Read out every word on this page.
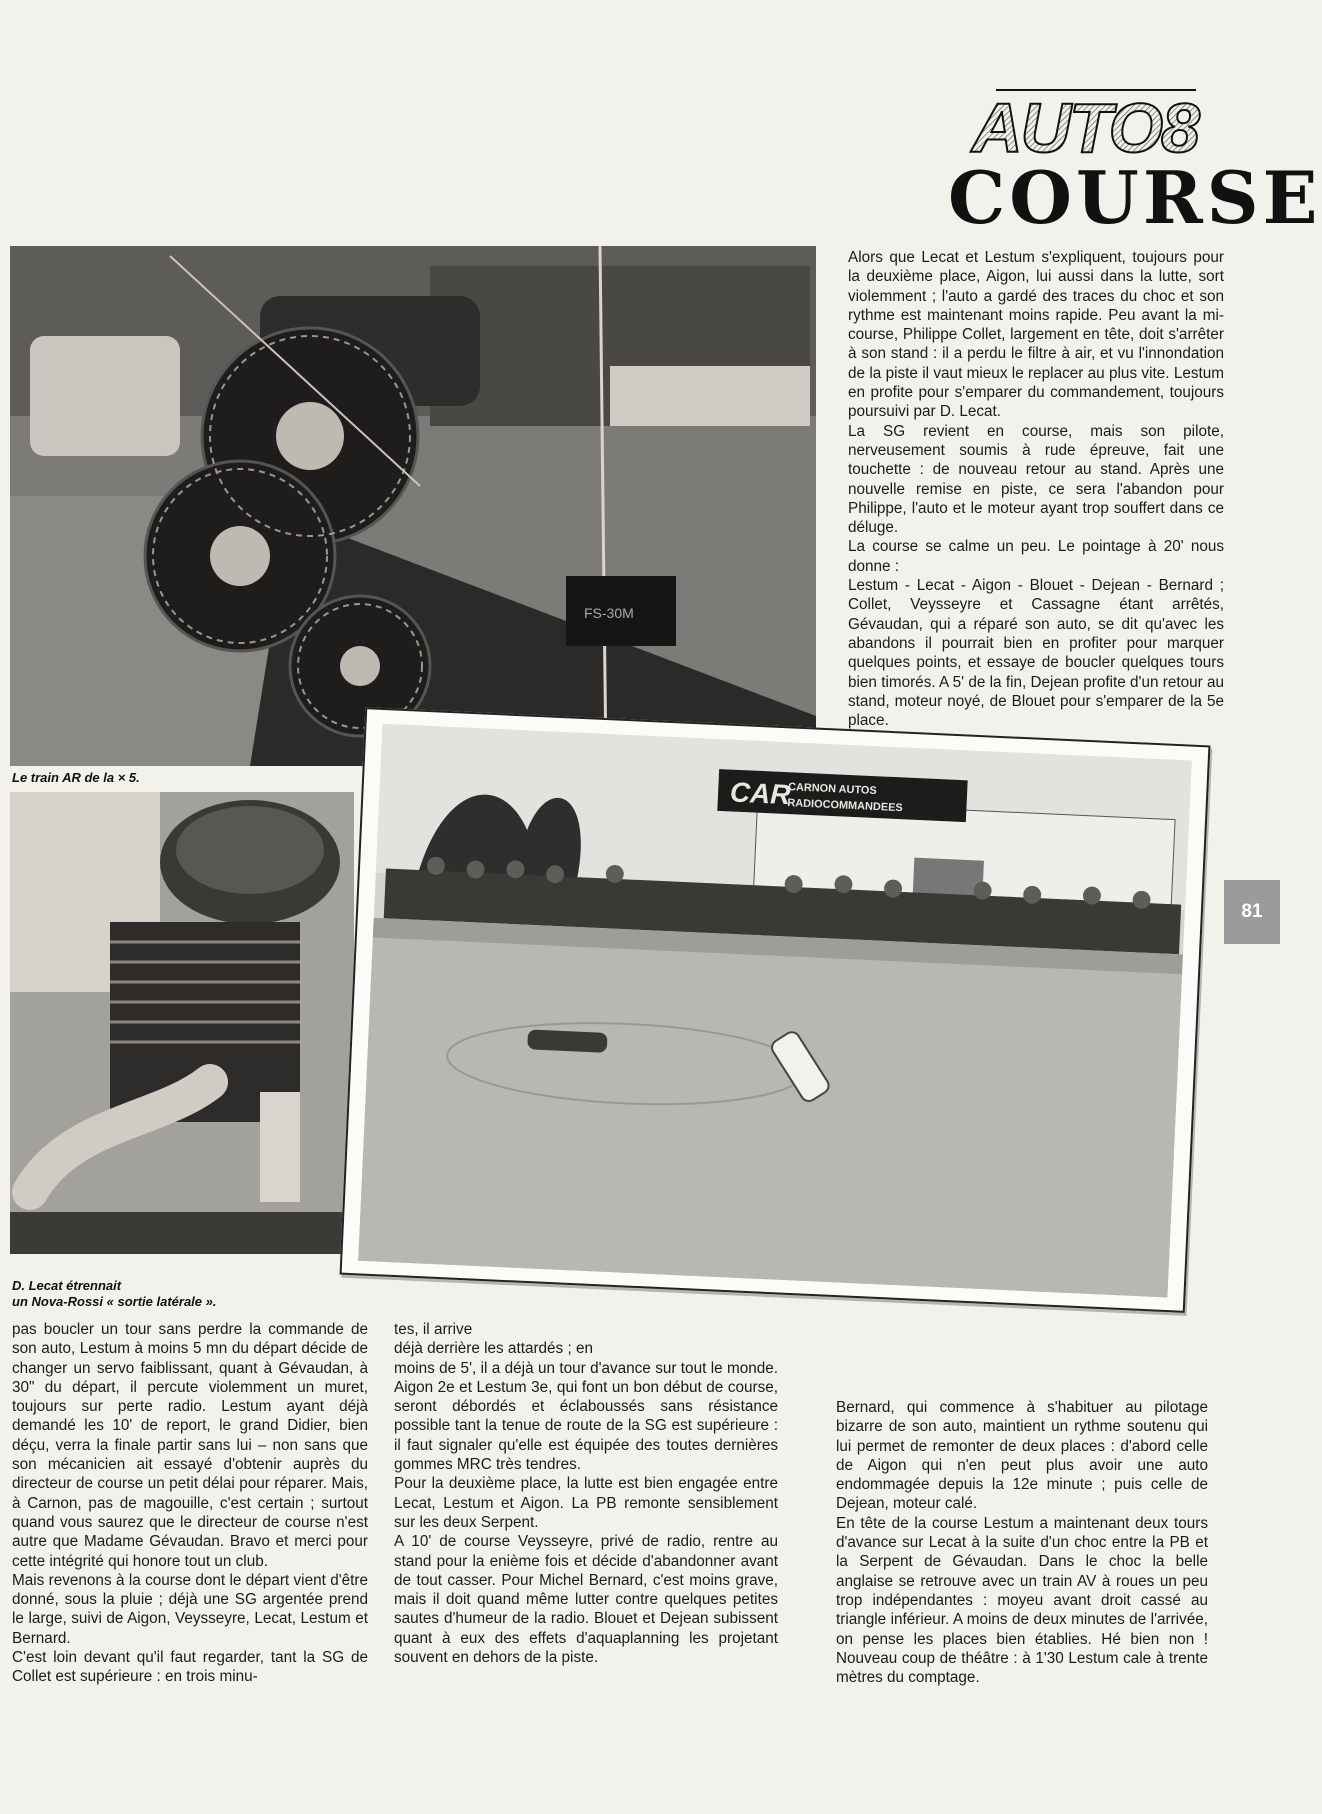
AUTO8
COURSE
FS-30M
Le train AR de la × 5.
D. Lecat étrennait
un Nova-Rossi « sortie latérale ».
CAR
CARNON AUTOS
RADIOCOMMANDEES

Alors que Lecat et Lestum s'expliquent, toujours pour la deuxième place, Aigon, lui aussi dans la lutte, sort violemment ; l'auto a gardé des traces du choc et son rythme est maintenant moins rapide. Peu avant la mi-course, Philippe Collet, largement en tête, doit s'arrêter à son stand : il a perdu le filtre à air, et vu l'innondation de la piste il vaut mieux le replacer au plus vite. Lestum en profite pour s'emparer du commandement, toujours poursuivi par D. Lecat.

La SG revient en course, mais son pilote, nerveusement soumis à rude épreuve, fait une touchette : de nouveau retour au stand. Après une nouvelle remise en piste, ce sera l'abandon pour Philippe, l'auto et le moteur ayant trop souffert dans ce déluge.

La course se calme un peu. Le pointage à 20' nous donne :

Lestum - Lecat - Aigon - Blouet - Dejean - Bernard ; Collet, Veysseyre et Cassagne étant arrêtés, Gévaudan, qui a réparé son auto, se dit qu'avec les abandons il pourrait bien en profiter pour marquer quelques points, et essaye de boucler quelques tours bien timorés. A 5' de la fin, Dejean profite d'un retour au stand, moteur noyé, de Blouet pour s'emparer de la 5e place.

pas boucler un tour sans perdre la commande de son auto, Lestum à moins 5 mn du départ décide de changer un servo faiblissant, quant à Gévaudan, à 30" du départ, il percute violemment un muret, toujours sur perte radio. Lestum ayant déjà demandé les 10' de report, le grand Didier, bien déçu, verra la finale partir sans lui – non sans que son mécanicien ait essayé d'obtenir auprès du directeur de course un petit délai pour réparer. Mais, à Carnon, pas de magouille, c'est certain ; surtout quand vous saurez que le directeur de course n'est autre que Madame Gévaudan. Bravo et merci pour cette intégrité qui honore tout un club.

Mais revenons à la course dont le départ vient d'être donné, sous la pluie ; déjà une SG argentée prend le large, suivi de Aigon, Veysseyre, Lecat, Lestum et Bernard.

C'est loin devant qu'il faut regarder, tant la SG de Collet est supérieure : en trois minu-

tes, il arrive

déjà derrière les attardés ; en

moins de 5', il a déjà un tour d'avance sur tout le monde. Aigon 2e et Lestum 3e, qui font un bon début de course, seront débordés et éclaboussés sans résistance possible tant la tenue de route de la SG est supérieure : il faut signaler qu'elle est équipée des toutes dernières gommes MRC très tendres.

Pour la deuxième place, la lutte est bien engagée entre Lecat, Lestum et Aigon. La PB remonte sensiblement sur les deux Serpent.

A 10' de course Veysseyre, privé de radio, rentre au stand pour la enième fois et décide d'abandonner avant de tout casser. Pour Michel Bernard, c'est moins grave, mais il doit quand même lutter contre quelques petites sautes d'humeur de la radio. Blouet et Dejean subissent quant à eux des effets d'aquaplanning les projetant souvent en dehors de la piste.

Bernard, qui commence à s'habituer au pilotage bizarre de son auto, maintient un rythme soutenu qui lui permet de remonter de deux places : d'abord celle de Aigon qui n'en peut plus avoir une auto endommagée depuis la 12e minute ; puis celle de Dejean, moteur calé.

En tête de la course Lestum a maintenant deux tours d'avance sur Lecat à la suite d'un choc entre la PB et la Serpent de Gévaudan. Dans le choc la belle anglaise se retrouve avec un train AV à roues un peu trop indépendantes : moyeu avant droit cassé au triangle inférieur. A moins de deux minutes de l'arrivée, on pense les places bien établies. Hé bien non ! Nouveau coup de théâtre : à 1'30 Lestum cale à trente mètres du comptage.

81
